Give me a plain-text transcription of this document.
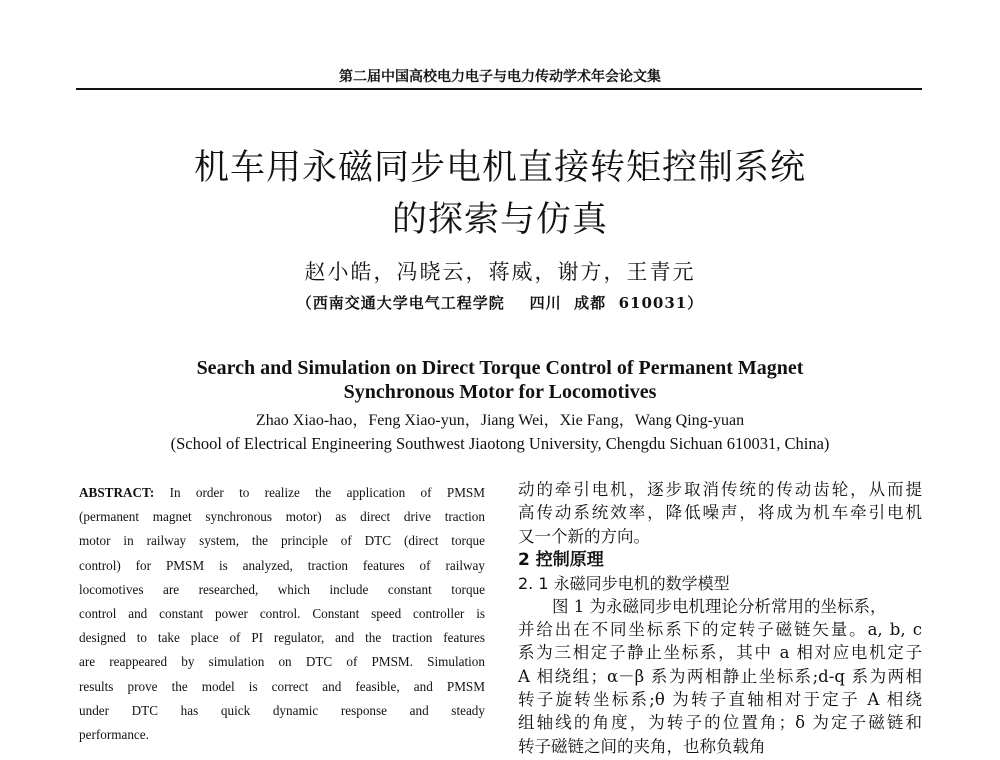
第二届中国高校电力电子与电力传动学术年会论文集
机车用永磁同步电机直接转矩控制系统
的探索与仿真
赵小皓，冯晓云，蒋威，谢方，王青元
（西南交通大学电气工程学院    四川  成都  610031）
Search and Simulation on Direct Torque Control of Permanent Magnet
Synchronous Motor for Locomotives
Zhao Xiao-hao，Feng Xiao-yun，Jiang Wei，Xie Fang，Wang Qing-yuan
(School of Electrical Engineering Southwest Jiaotong University, Chengdu Sichuan 610031, China)
ABSTRACT: In order to realize the application of PMSM
(permanent magnet synchronous motor) as direct drive traction
motor in railway system, the principle of DTC (direct torque
control) for PMSM is analyzed, traction features of railway
locomotives are researched, which include constant torque
control and constant power control. Constant speed controller is
designed to take place of PI regulator, and the traction features
are reappeared by simulation on DTC of PMSM. Simulation
results prove the model is correct and feasible, and PMSM
under DTC has quick dynamic response and steady
performance.
动的牵引电机，逐步取消传统的传动齿轮，从而提
高传动系统效率，降低噪声，将成为机车牵引电机
又一个新的方向。
2 控制原理
2. 1 永磁同步电机的数学模型
图 1 为永磁同步电机理论分析常用的坐标系，
并给出在不同坐标系下的定转子磁链矢量。a, b, c
系为三相定子静止坐标系，其中 a 相对应电机定子
A 相绕组；α－β 系为两相静止坐标系;d-q 系为两相
转子旋转坐标系;θ 为转子直轴相对于定子 A 相绕
组轴线的角度，为转子的位置角；δ 为定子磁链和
转子磁链之间的夹角，也称负载角
